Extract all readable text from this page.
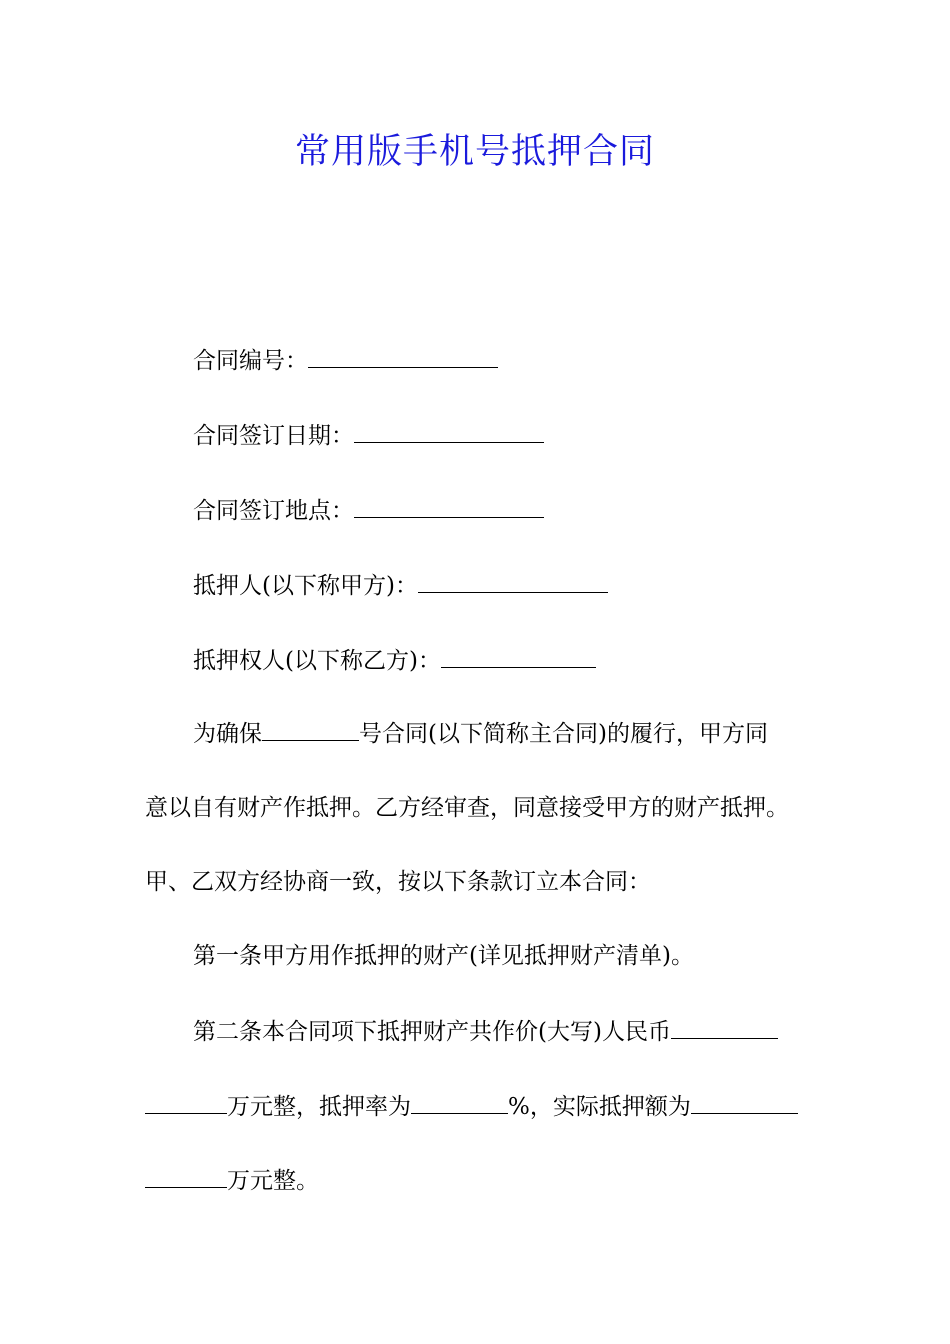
常用版手机号抵押合同
合同编号：
合同签订日期：
合同签订地点：
抵押人(以下称甲方)：
抵押权人(以下称乙方)：
为确保	号合同(以下简称主合同)的履行，甲方同
意以自有财产作抵押。乙方经审查，同意接受甲方的财产抵押。
甲、乙双方经协商一致，按以下条款订立本合同：
第一条甲方用作抵押的财产(详见抵押财产清单)。
第二条本合同项下抵押财产共作价(大写)人民币
万元整，抵押率为	%，实际抵押额为
万元整。
